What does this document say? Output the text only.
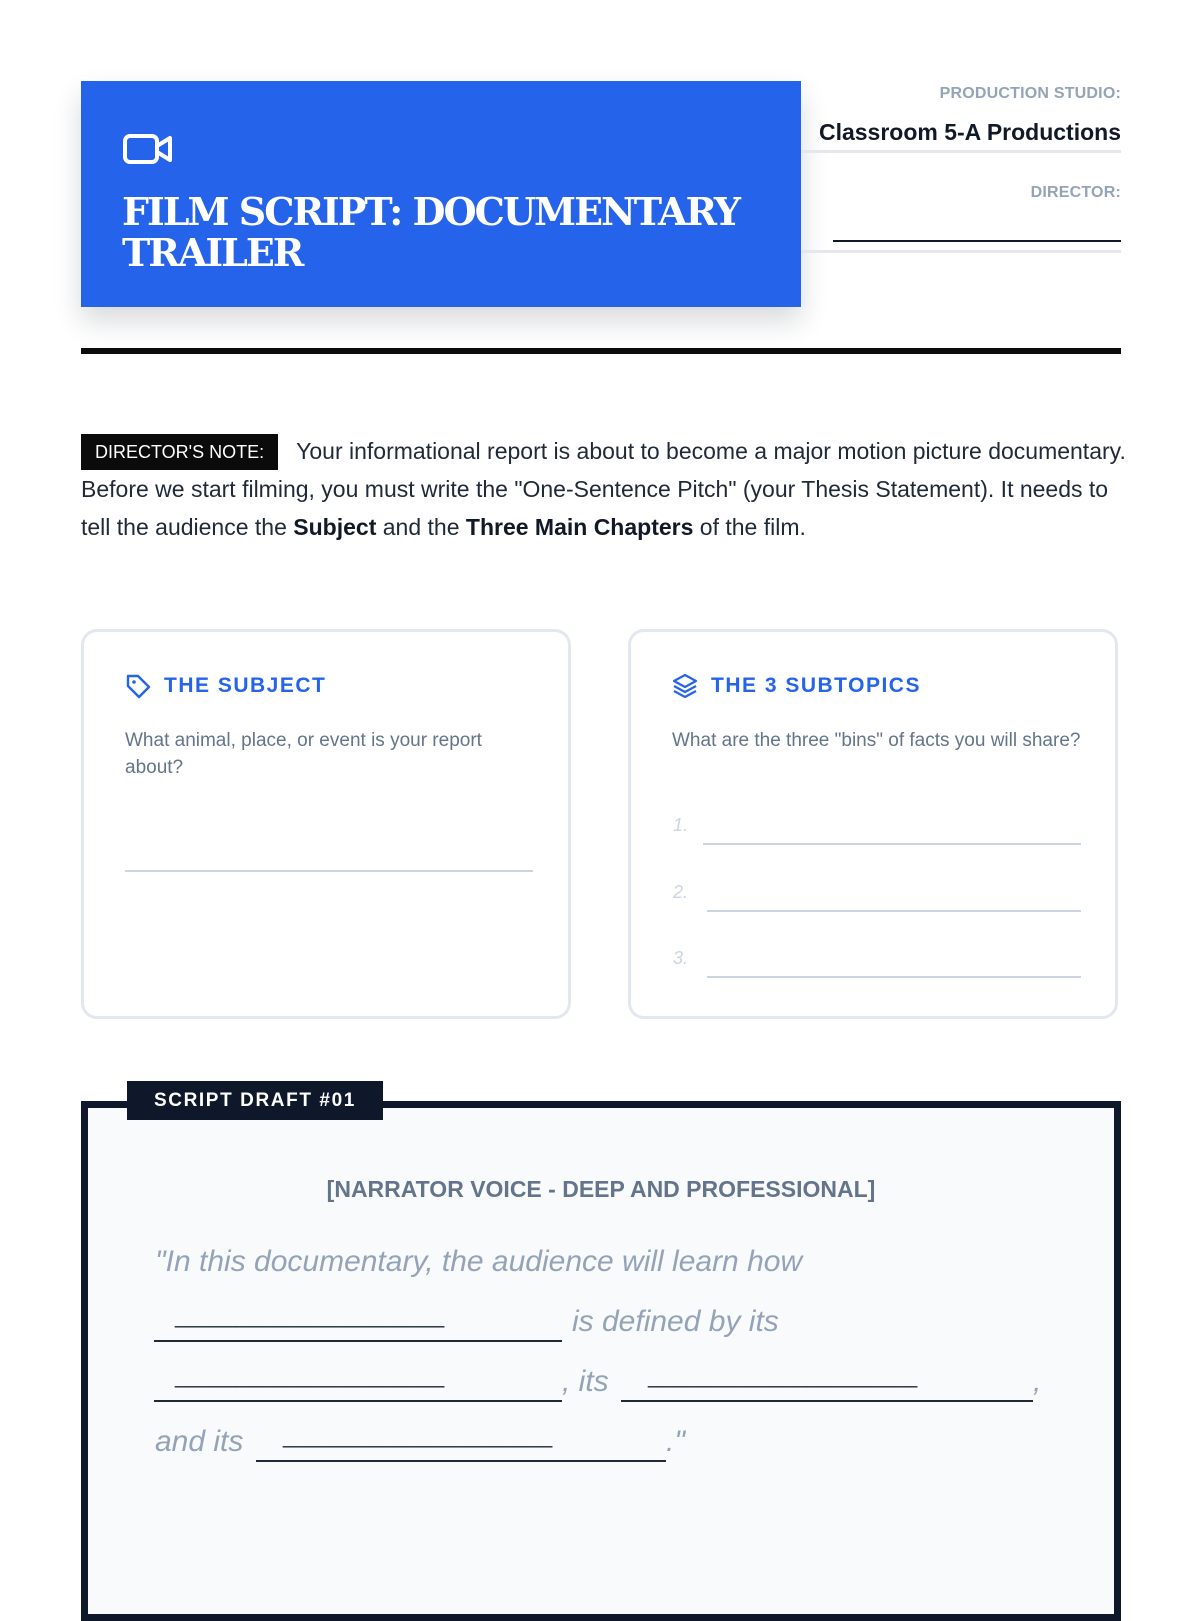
FILM SCRIPT: DOCUMENTARY TRAILER
PRODUCTION STUDIO:
Classroom 5-A Productions
DIRECTOR:
DIRECTOR'S NOTE: Your informational report is about to become a major motion picture documentary. Before we start filming, you must write the "One-Sentence Pitch" (your Thesis Statement). It needs to tell the audience the Subject and the Three Main Chapters of the film.
THE SUBJECT
What animal, place, or event is your report about?
THE 3 SUBTOPICS
What are the three "bins" of facts you will share?
1.
2.
3.
SCRIPT DRAFT #01
[NARRATOR VOICE - DEEP AND PROFESSIONAL]
"In this documentary, the audience will learn how
______________________	is defined by its
______________________	, its ______________________	,
and its ______________________	."
